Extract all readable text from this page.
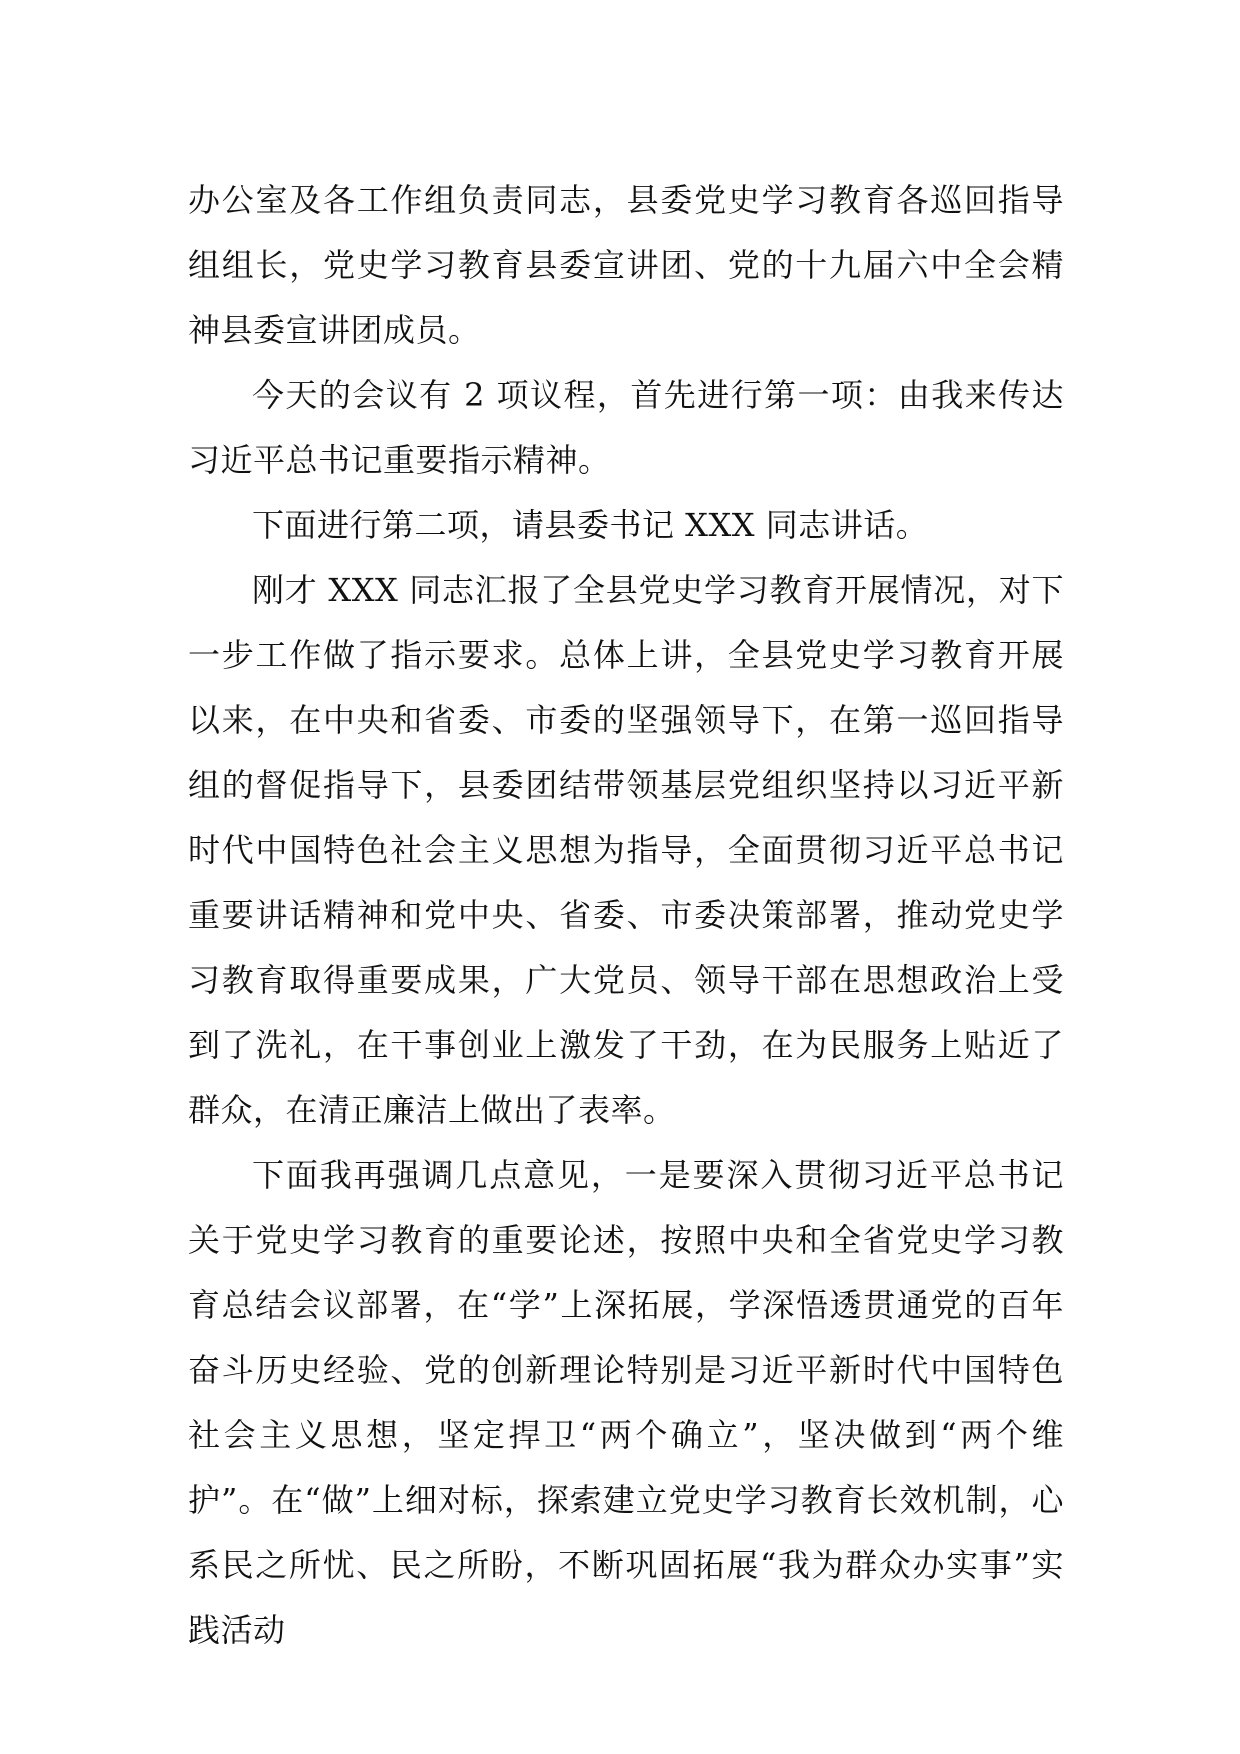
办公室及各工作组负责同志，县委党史学习教育各巡回指导组组长，党史学习教育县委宣讲团、党的十九届六中全会精神县委宣讲团成员。

今天的会议有 2 项议程，首先进行第一项：由我来传达习近平总书记重要指示精神。

下面进行第二项，请县委书记 XXX 同志讲话。

刚才 XXX 同志汇报了全县党史学习教育开展情况，对下一步工作做了指示要求。总体上讲，全县党史学习教育开展以来，在中央和省委、市委的坚强领导下，在第一巡回指导组的督促指导下，县委团结带领基层党组织坚持以习近平新时代中国特色社会主义思想为指导，全面贯彻习近平总书记重要讲话精神和党中央、省委、市委决策部署，推动党史学习教育取得重要成果，广大党员、领导干部在思想政治上受到了洗礼，在干事创业上激发了干劲，在为民服务上贴近了群众，在清正廉洁上做出了表率。

下面我再强调几点意见，一是要深入贯彻习近平总书记关于党史学习教育的重要论述，按照中央和全省党史学习教育总结会议部署，在“学”上深拓展，学深悟透贯通党的百年奋斗历史经验、党的创新理论特别是习近平新时代中国特色社会主义思想，坚定捍卫“两个确立”，坚决做到“两个维护”。在“做”上细对标，探索建立党史学习教育长效机制，心系民之所忧、民之所盼，不断巩固拓展“我为群众办实事”实践活动
